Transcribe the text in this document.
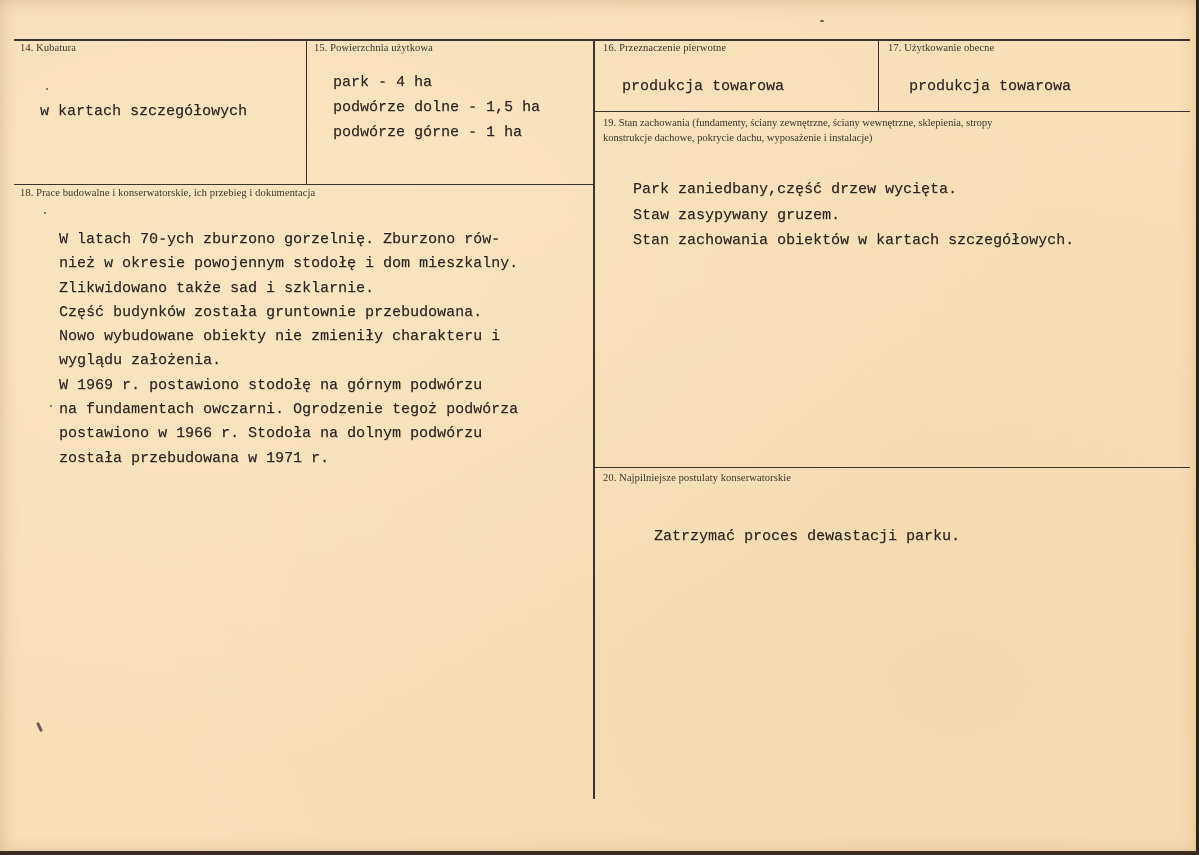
14. Kubatura
w kartach szczegółowych
15. Powierzchnia użytkowa
park - 4 ha
podwórze dolne - 1,5 ha
podwórze górne - 1 ha
16. Przeznaczenie pierwotne
produkcja towarowa
17. Użytkowanie obecne
produkcja towarowa
18. Prace budowalne i konserwatorskie, ich przebieg i dokumentacja
W latach 70-ych zburzono gorzelnię. Zburzono rów-
nież w okresie powojennym stodołę i dom mieszkalny.
Zlikwidowano także sad i szklarnie.
Część budynków została gruntownie przebudowana.
Nowo wybudowane obiekty nie zmieniły charakteru i
wyglądu założenia.
W 1969 r. postawiono stodołę na górnym podwórzu
na fundamentach owczarni. Ogrodzenie tegoż podwórza
postawiono w 1966 r. Stodoła na dolnym podwórzu
została przebudowana w 1971 r.
19. Stan zachowania (fundamenty, ściany zewnętrzne, ściany wewnętrzne, sklepienia, stropy
konstrukcje dachowe, pokrycie dachu, wyposażenie i instalacje)
Park zaniedbany,część drzew wycięta.
Staw zasypywany gruzem.
Stan zachowania obiektów w kartach szczegółowych.
20. Najpilniejsze postulaty konserwatorskie
Zatrzymać proces dewastacji parku.
